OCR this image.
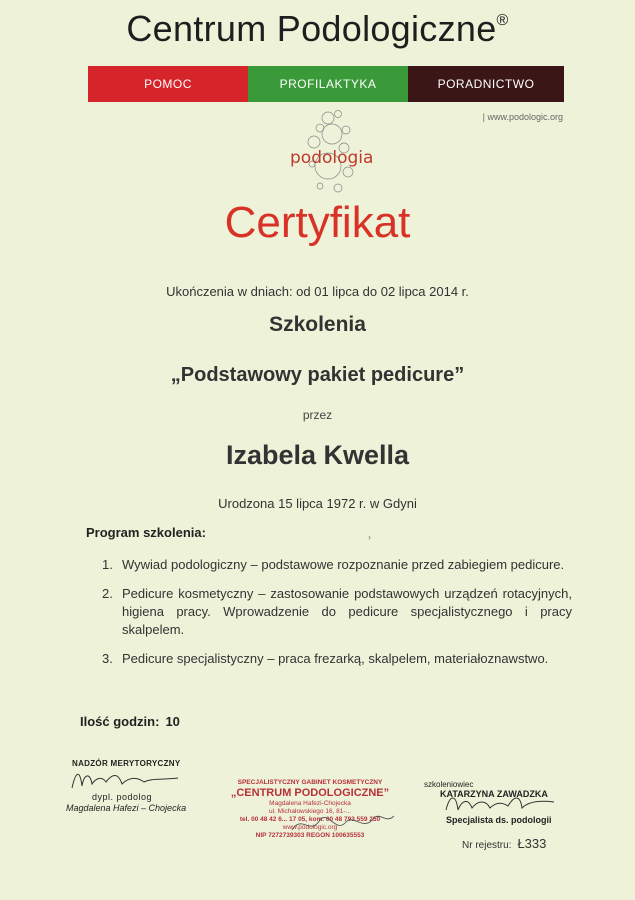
Centrum Podologiczne®
POMOC	PROFILAKTYKA	PORADNICTWO
| www.podologic.org
podologia
Certyfikat
Ukończenia w dniach: od 01 lipca do 02 lipca 2014 r.
Szkolenia
„Podstawowy pakiet pedicure”
przez
Izabela Kwella
Urodzona 15 lipca 1972 r. w Gdyni
›
Program szkolenia:
1. Wywiad podologiczny – podstawowe rozpoznanie przed zabiegiem pedicure.
2. Pedicure kosmetyczny – zastosowanie podstawowych urządzeń rotacyjnych, higiena pracy. Wprowadzenie do pedicure specjalistycznego i pracy skalpelem.
3. Pedicure specjalistyczny – praca frezarką, skalpelem, materiałoznawstwo.
Ilość godzin: 10
NADZÓR MERYTORYCZNY
dypl. podolog
Magdalena Hafezi – Chojecka
SPECJALISTYCZNY GABINET KOSMETYCZNY
„CENTRUM PODOLOGICZNE”
Magdalena Hafezi-Chojecka
ul. Michałowskiego 16, 81-...
tel. 00 48 42 6... 17 05, kom. 00 48 793 559 250
www.podologic.org
NIP 7272739303 REGON 100635553
szkoleniowiec
KATARZYNA ZAWADZKA
Specjalista ds. podologii
Nr rejestru: Ł333
